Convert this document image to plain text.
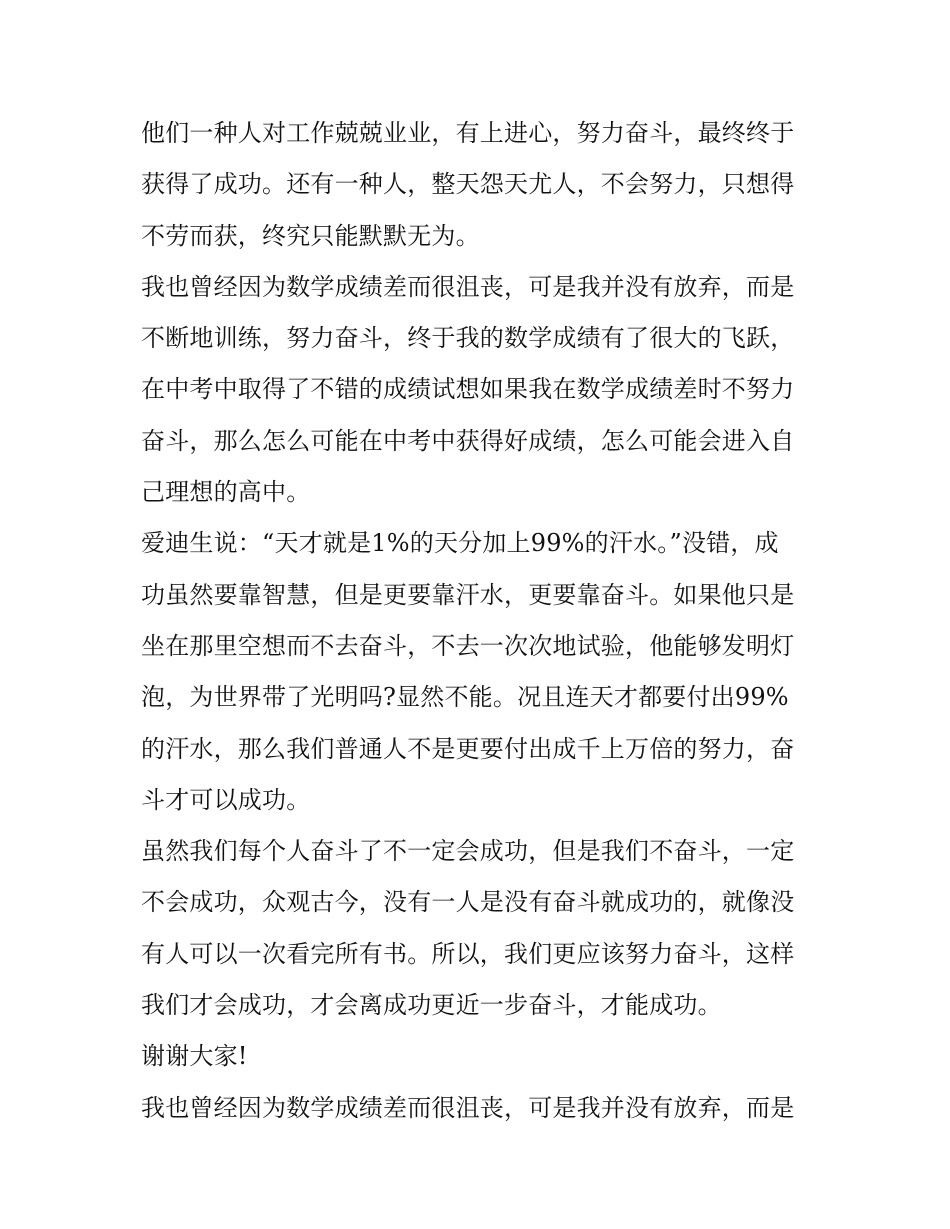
他们一种人对工作兢兢业业，有上进心，努力奋斗，最终终于
获得了成功。还有一种人，整天怨天尤人，不会努力，只想得
不劳而获，终究只能默默无为。
我也曾经因为数学成绩差而很沮丧，可是我并没有放弃，而是
不断地训练，努力奋斗，终于我的数学成绩有了很大的飞跃，
在中考中取得了不错的成绩试想如果我在数学成绩差时不努力
奋斗，那么怎么可能在中考中获得好成绩，怎么可能会进入自
己理想的高中。
爱迪生说：“天才就是1%的天分加上99%的汗水。”没错，成
功虽然要靠智慧，但是更要靠汗水，更要靠奋斗。如果他只是
坐在那里空想而不去奋斗，不去一次次地试验，他能够发明灯
泡，为世界带了光明吗?显然不能。况且连天才都要付出99%
的汗水，那么我们普通人不是更要付出成千上万倍的努力，奋
斗才可以成功。
虽然我们每个人奋斗了不一定会成功，但是我们不奋斗，一定
不会成功，众观古今，没有一人是没有奋斗就成功的，就像没
有人可以一次看完所有书。所以，我们更应该努力奋斗，这样
我们才会成功，才会离成功更近一步奋斗，才能成功。
谢谢大家!
我也曾经因为数学成绩差而很沮丧，可是我并没有放弃，而是
